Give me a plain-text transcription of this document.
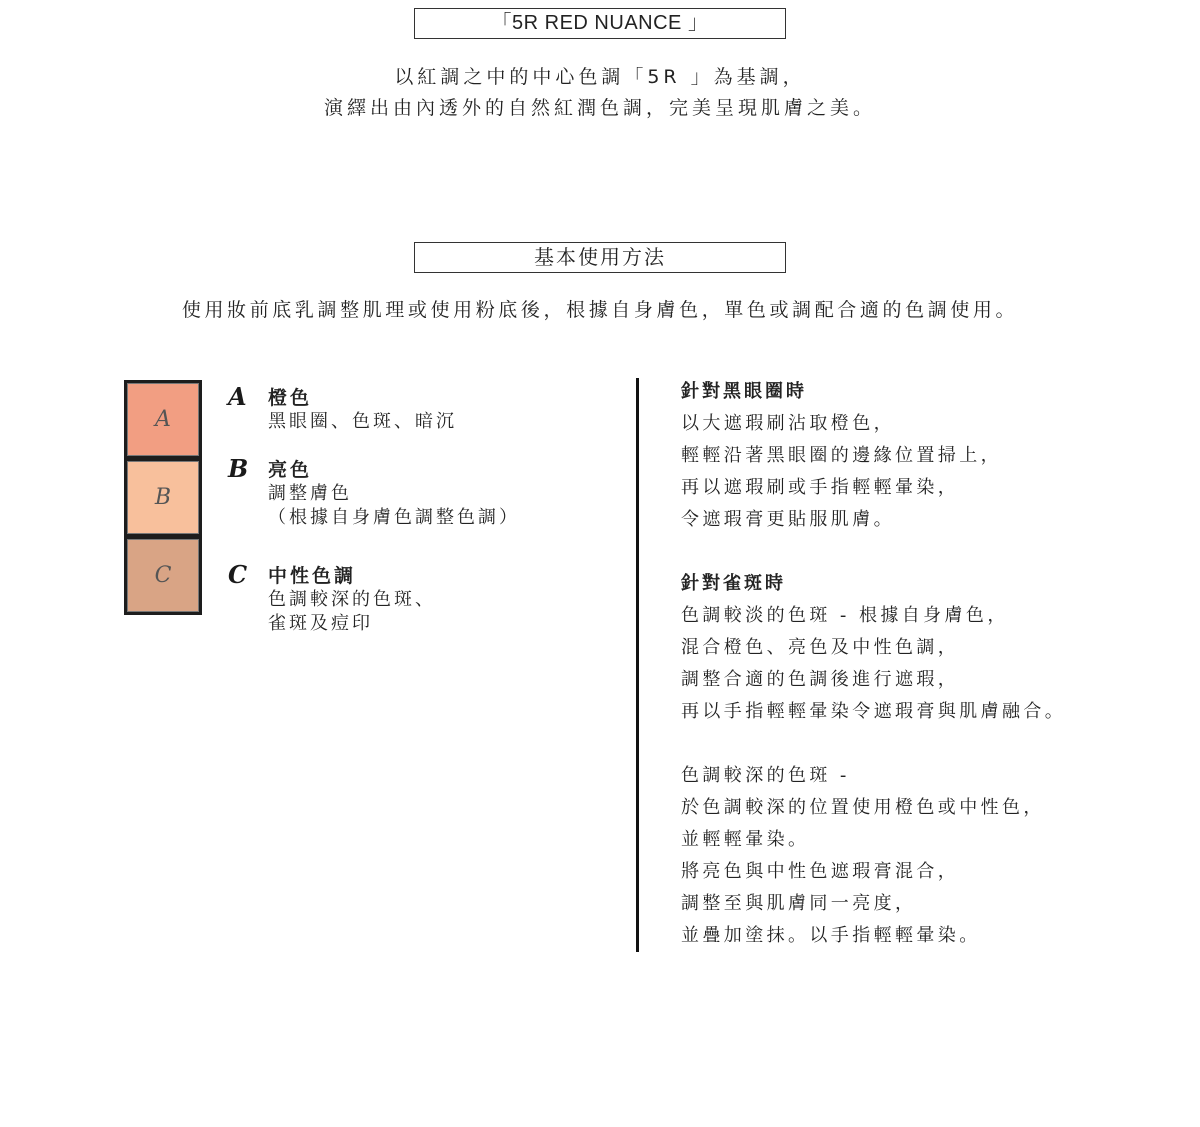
「5R RED NUANCE 」
以紅調之中的中心色調「5R 」為基調，
演繹出由內透外的自然紅潤色調，完美呈現肌膚之美。
基本使用方法
使用妝前底乳調整肌理或使用粉底後，根據自身膚色，單色或調配合適的色調使用。
A
B
C
A 橙色
黑眼圈、色斑、暗沉
B 亮色
調整膚色
（根據自身膚色調整色調）
C 中性色調
色調較深的色斑、
雀斑及痘印
針對黑眼圈時
以大遮瑕刷沾取橙色，
輕輕沿著黑眼圈的邊緣位置掃上，
再以遮瑕刷或手指輕輕暈染，
令遮瑕膏更貼服肌膚。
針對雀斑時
色調較淡的色斑 - 根據自身膚色，
混合橙色、亮色及中性色調，
調整合適的色調後進行遮瑕，
再以手指輕輕暈染令遮瑕膏與肌膚融合。
色調較深的色斑 -
於色調較深的位置使用橙色或中性色，
並輕輕暈染。
將亮色與中性色遮瑕膏混合，
調整至與肌膚同一亮度，
並疊加塗抹。以手指輕輕暈染。
